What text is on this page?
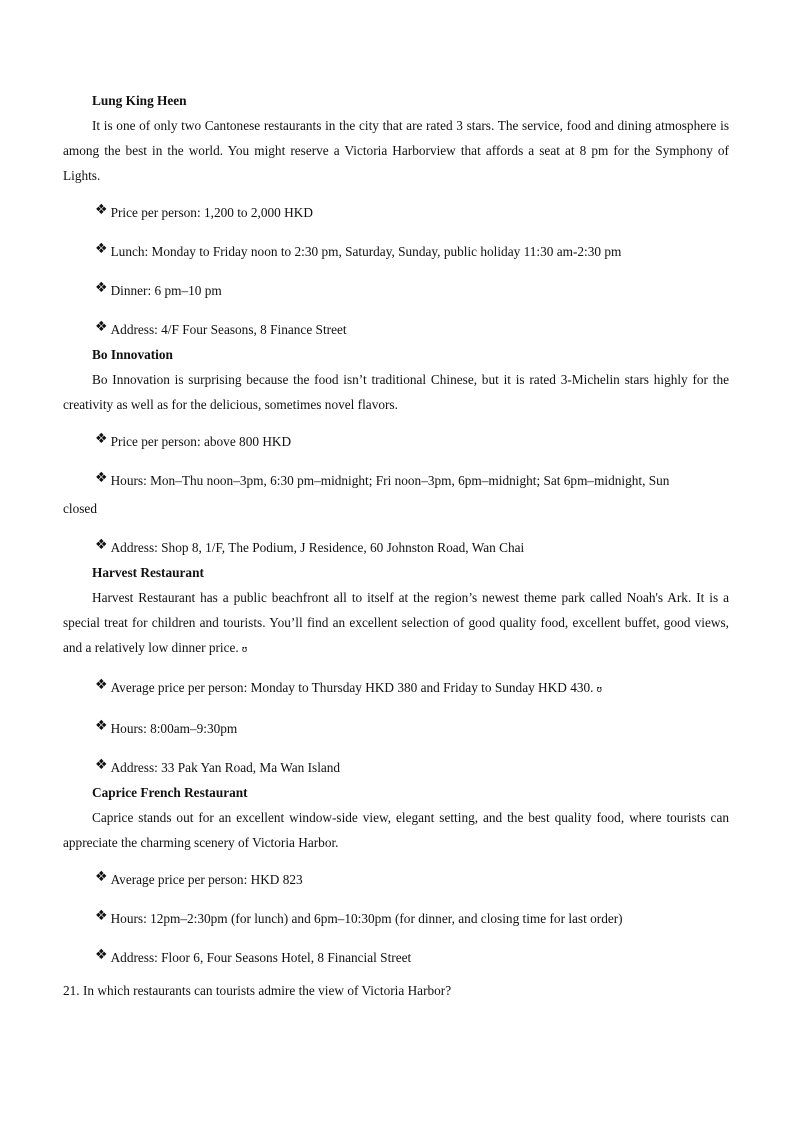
Lung King Heen

It is one of only two Cantonese restaurants in the city that are rated 3 stars. The service, food and dining atmosphere is among the best in the world. You might reserve a Victoria Harborview that affords a seat at 8 pm for the Symphony of Lights.

❖ Price per person: 1,200 to 2,000 HKD
❖ Lunch: Monday to Friday noon to 2:30 pm, Saturday, Sunday, public holiday 11:30 am-2:30 pm
❖ Dinner: 6 pm–10 pm
❖ Address: 4/F Four Seasons, 8 Finance Street
Bo Innovation

Bo Innovation is surprising because the food isn’t traditional Chinese, but it is rated 3-Michelin stars highly for the creativity as well as for the delicious, sometimes novel flavors.

❖ Price per person: above 800 HKD
❖ Hours: Mon–Thu noon–3pm, 6:30 pm–midnight; Fri noon–3pm, 6pm–midnight; Sat 6pm–midnight, Sun
closed
❖ Address: Shop 8, 1/F, The Podium, J Residence, 60 Johnston Road, Wan Chai
Harvest Restaurant

Harvest Restaurant has a public beachfront all to itself at the region’s newest theme park called Noah's Ark. It is a special treat for children and tourists. You’ll find an excellent selection of good quality food, excellent buffet, good views, and a relatively low dinner price. ʊ

❖ Average price per person: Monday to Thursday HKD 380 and Friday to Sunday HKD 430. ʊ
❖ Hours: 8:00am–9:30pm
❖ Address: 33 Pak Yan Road, Ma Wan Island
Caprice French Restaurant

Caprice stands out for an excellent window-side view, elegant setting, and the best quality food, where tourists can appreciate the charming scenery of Victoria Harbor.

❖ Average price per person: HKD 823
❖ Hours: 12pm–2:30pm (for lunch) and 6pm–10:30pm (for dinner, and closing time for last order)
❖ Address: Floor 6, Four Seasons Hotel, 8 Financial Street
21. In which restaurants can tourists admire the view of Victoria Harbor?
